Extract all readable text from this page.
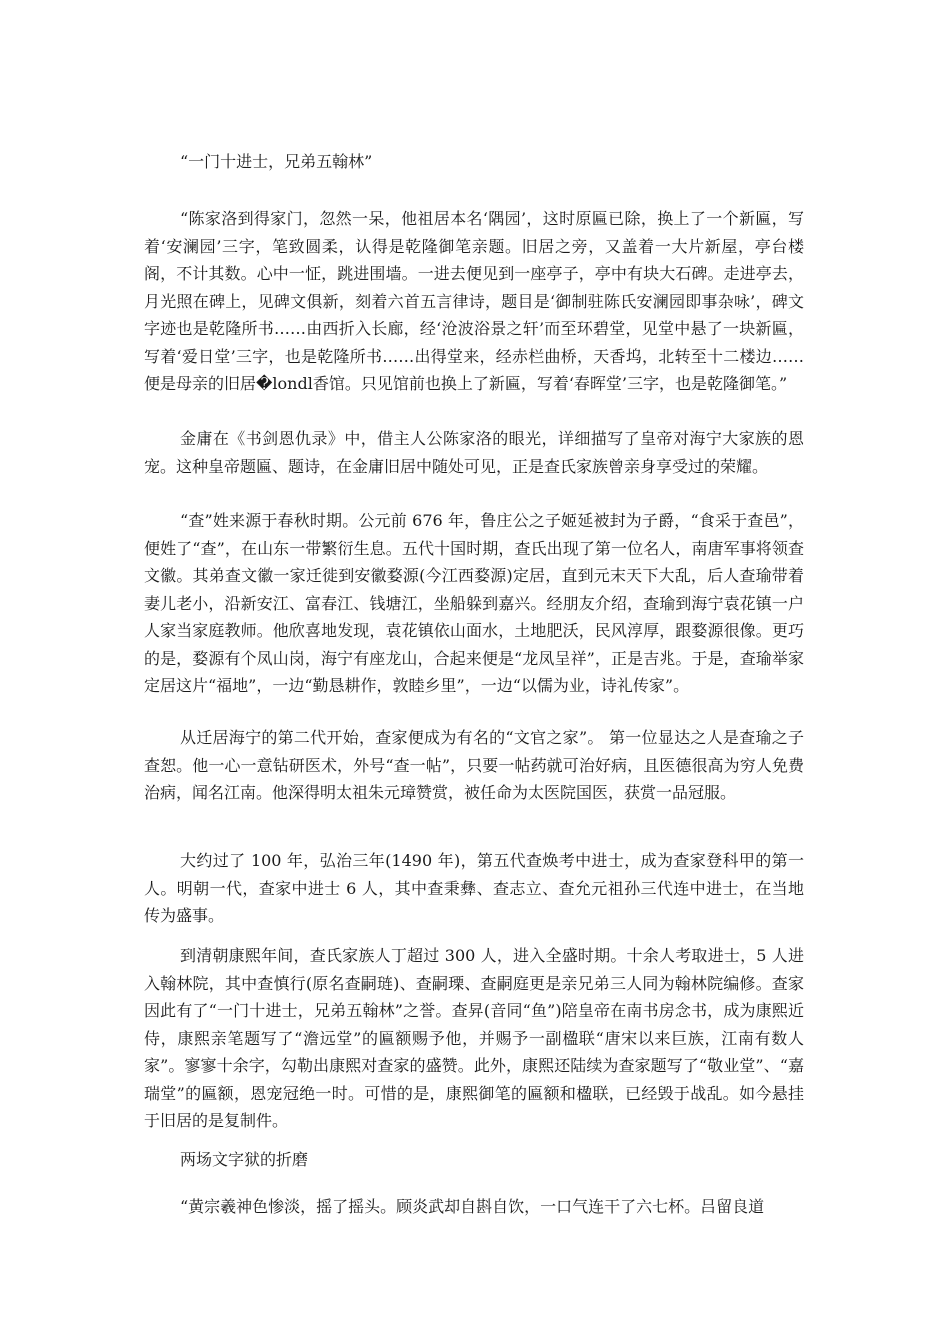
“一门十进士，兄弟五翰林”

“陈家洛到得家门，忽然一呆，他祖居本名‘隅园’，这时原匾已除，换上了一个新匾，写着‘安澜园’三字，笔致圆柔，认得是乾隆御笔亲题。旧居之旁，又盖着一大片新屋，亭台楼阁，不计其数。心中一怔，跳进围墙。一进去便见到一座亭子，亭中有块大石碑。走进亭去，月光照在碑上，见碑文俱新，刻着六首五言律诗，题目是‘御制驻陈氏安澜园即事杂咏’，碑文字迹也是乾隆所书……由西折入长廊，经‘沧波浴景之轩’而至环碧堂，见堂中悬了一块新匾，写着‘爱日堂’三字，也是乾隆所书……出得堂来，经赤栏曲桥，天香坞，北转至十二楼边……便是母亲的旧居�londl香馆。只见馆前也换上了新匾，写着‘春晖堂’三字，也是乾隆御笔。”

金庸在《书剑恩仇录》中，借主人公陈家洛的眼光，详细描写了皇帝对海宁大家族的恩宠。这种皇帝题匾、题诗，在金庸旧居中随处可见，正是查氏家族曾亲身享受过的荣耀。

“查”姓来源于春秋时期。公元前 676 年，鲁庄公之子姬延被封为子爵，“食采于查邑”，便姓了“查”，在山东一带繁衍生息。五代十国时期，查氏出现了第一位名人，南唐军事将领查文徽。其弟查文徽一家迁徙到安徽婺源(今江西婺源)定居，直到元末天下大乱，后人查瑜带着妻儿老小，沿新安江、富春江、钱塘江，坐船躲到嘉兴。经朋友介绍，查瑜到海宁袁花镇一户人家当家庭教师。他欣喜地发现，袁花镇依山面水，土地肥沃，民风淳厚，跟婺源很像。更巧的是，婺源有个凤山岗，海宁有座龙山，合起来便是“龙凤呈祥”，正是吉兆。于是，查瑜举家定居这片“福地”，一边“勤恳耕作，敦睦乡里”，一边“以儒为业，诗礼传家”。

从迁居海宁的第二代开始，查家便成为有名的“文官之家”。 第一位显达之人是查瑜之子查恕。他一心一意钻研医术，外号“查一帖”，只要一帖药就可治好病，且医德很高为穷人免费治病，闻名江南。他深得明太祖朱元璋赞赏，被任命为太医院国医，获赏一品冠服。

大约过了 100 年，弘治三年(1490 年)，第五代查焕考中进士，成为查家登科甲的第一人。明朝一代，查家中进士 6 人，其中查秉彝、查志立、查允元祖孙三代连中进士，在当地传为盛事。

到清朝康熙年间，查氏家族人丁超过 300 人，进入全盛时期。十余人考取进士，5 人进入翰林院，其中查慎行(原名查嗣琏)、查嗣瑮、查嗣庭更是亲兄弟三人同为翰林院编修。查家因此有了“一门十进士，兄弟五翰林”之誉。查昇(音同“鱼”)陪皇帝在南书房念书，成为康熙近侍，康熙亲笔题写了“澹远堂”的匾额赐予他，并赐予一副楹联“唐宋以来巨族，江南有数人家”。寥寥十余字，勾勒出康熙对查家的盛赞。此外，康熙还陆续为查家题写了“敬业堂”、“嘉瑞堂”的匾额，恩宠冠绝一时。可惜的是，康熙御笔的匾额和楹联，已经毁于战乱。如今悬挂于旧居的是复制件。

两场文字狱的折磨

“黄宗羲神色惨淡，摇了摇头。顾炎武却自斟自饮，一口气连干了六七杯。吕留良道
